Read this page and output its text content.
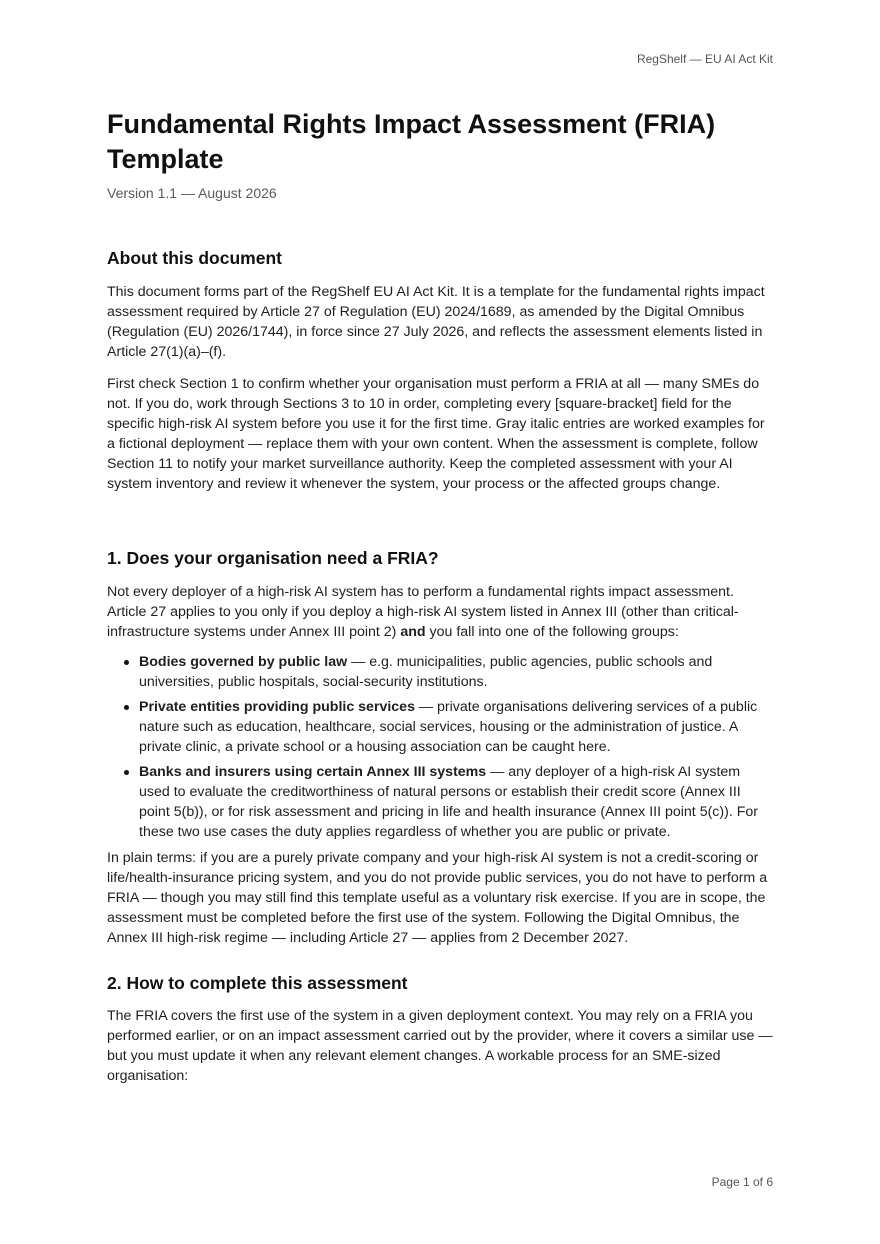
RegShelf — EU AI Act Kit
Fundamental Rights Impact Assessment (FRIA) Template
Version 1.1 — August 2026
About this document

This document forms part of the RegShelf EU AI Act Kit. It is a template for the fundamental rights impact assessment required by Article 27 of Regulation (EU) 2024/1689, as amended by the Digital Omnibus (Regulation (EU) 2026/1744), in force since 27 July 2026, and reflects the assessment elements listed in Article 27(1)(a)–(f).

First check Section 1 to confirm whether your organisation must perform a FRIA at all — many SMEs do not. If you do, work through Sections 3 to 10 in order, completing every [square-bracket] field for the specific high-risk AI system before you use it for the first time. Gray italic entries are worked examples for a fictional deployment — replace them with your own content. When the assessment is complete, follow Section 11 to notify your market surveillance authority. Keep the completed assessment with your AI system inventory and review it whenever the system, your process or the affected groups change.

1. Does your organisation need a FRIA?

Not every deployer of a high-risk AI system has to perform a fundamental rights impact assessment. Article 27 applies to you only if you deploy a high-risk AI system listed in Annex III (other than critical-infrastructure systems under Annex III point 2) and you fall into one of the following groups:

Bodies governed by public law — e.g. municipalities, public agencies, public schools and universities, public hospitals, social-security institutions.
Private entities providing public services — private organisations delivering services of a public nature such as education, healthcare, social services, housing or the administration of justice. A private clinic, a private school or a housing association can be caught here.
Banks and insurers using certain Annex III systems — any deployer of a high-risk AI system used to evaluate the creditworthiness of natural persons or establish their credit score (Annex III point 5(b)), or for risk assessment and pricing in life and health insurance (Annex III point 5(c)). For these two use cases the duty applies regardless of whether you are public or private.

In plain terms: if you are a purely private company and your high-risk AI system is not a credit-scoring or life/health-insurance pricing system, and you do not provide public services, you do not have to perform a FRIA — though you may still find this template useful as a voluntary risk exercise. If you are in scope, the assessment must be completed before the first use of the system. Following the Digital Omnibus, the Annex III high-risk regime — including Article 27 — applies from 2 December 2027.

2. How to complete this assessment

The FRIA covers the first use of the system in a given deployment context. You may rely on a FRIA you performed earlier, or on an impact assessment carried out by the provider, where it covers a similar use — but you must update it when any relevant element changes. A workable process for an SME-sized organisation:

Page 1 of 6
